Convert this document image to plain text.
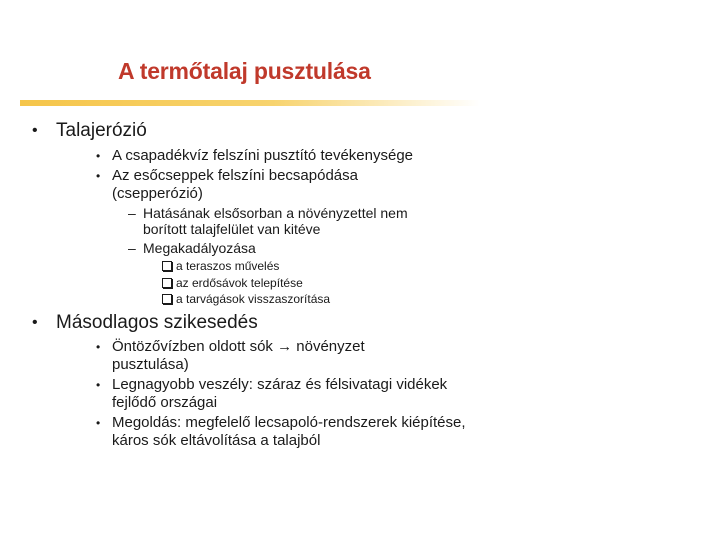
A termőtalaj pusztulása
• Talajerózió
• A csapadékvíz felszíni pusztító tevékenysége
• Az esőcseppek felszíni becsapódása (csepperózió)
– Hatásának elsősorban a növényzettel nem borított talajfelület van kitéve
– Megakadályozása
a teraszos művelés
az erdősávok telepítése
a tarvágások visszaszorítása
• Másodlagos szikesedés
• Öntözővízben oldott sók → növényzet pusztulása)
• Legnagyobb veszély: száraz és félsivatagi vidékek fejlődő országai
• Megoldás: megfelelő lecsapoló-rendszerek kiépítése, káros sók eltávolítása a talajból
